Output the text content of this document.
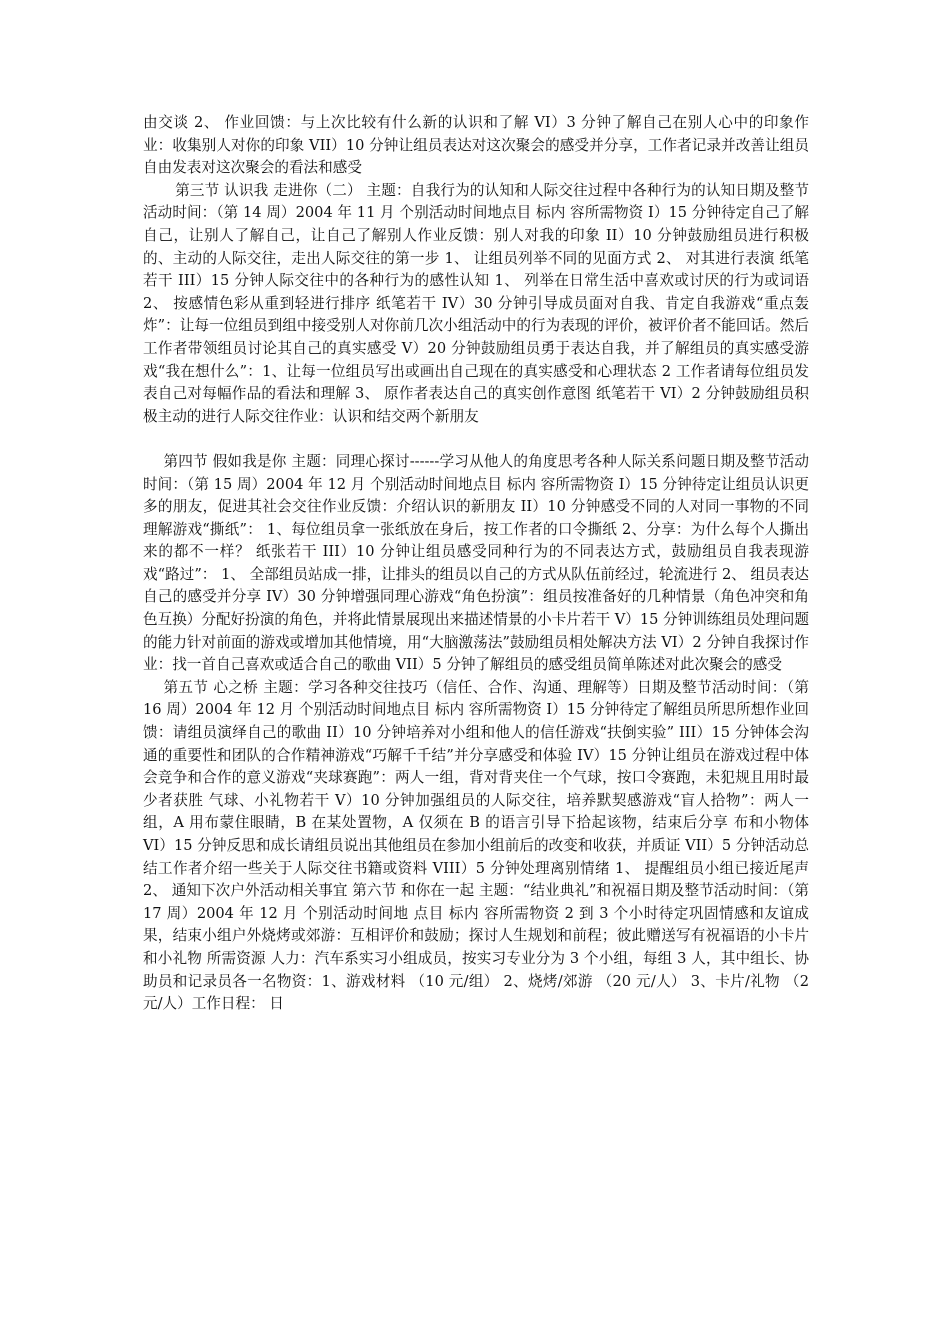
由交谈 2、 作业回馈：与上次比较有什么新的认识和了解 VI）3 分钟了解自己在别人心中的印象作业：收集别人对你的印象 VII）10 分钟让组员表达对这次聚会的感受并分享，工作者记录并改善让组员自由发表对这次聚会的看法和感受

第三节 认识我 走进你（二） 主题：自我行为的认知和人际交往过程中各种行为的认知日期及整节活动时间：（第 14 周）2004 年 11 月 个别活动时间地点目 标内 容所需物资 I）15 分钟待定自己了解自己，让别人了解自己，让自己了解别人作业反馈：别人对我的印象 II）10 分钟鼓励组员进行积极的、主动的人际交往，走出人际交往的第一步 1、 让组员列举不同的见面方式 2、 对其进行表演 纸笔若干 III）15 分钟人际交往中的各种行为的感性认知 1、 列举在日常生活中喜欢或讨厌的行为或词语 2、 按感情色彩从重到轻进行排序 纸笔若干 IV）30 分钟引导成员面对自我、肯定自我游戏“重点轰炸”：让每一位组员到组中接受别人对你前几次小组活动中的行为表现的评价，被评价者不能回话。然后工作者带领组员讨论其自己的真实感受 V）20 分钟鼓励组员勇于表达自我，并了解组员的真实感受游戏“我在想什么”：1、让每一位组员写出或画出自己现在的真实感受和心理状态 2 工作者请每位组员发表自己对每幅作品的看法和理解 3、 原作者表达自己的真实创作意图 纸笔若干 VI）2 分钟鼓励组员积极主动的进行人际交往作业：认识和结交两个新朋友

第四节 假如我是你 主题：同理心探讨------学习从他人的角度思考各种人际关系问题日期及整节活动时间：（第 15 周）2004 年 12 月 个别活动时间地点目 标内 容所需物资 I）15 分钟待定让组员认识更多的朋友，促进其社会交往作业反馈：介绍认识的新朋友 II）10 分钟感受不同的人对同一事物的不同理解游戏“撕纸”： 1、每位组员拿一张纸放在身后，按工作者的口令撕纸 2、分享：为什么每个人撕出来的都不一样？ 纸张若干 III）10 分钟让组员感受同种行为的不同表达方式，鼓励组员自我表现游戏“路过”： 1、 全部组员站成一排，让排头的组员以自己的方式从队伍前经过，轮流进行 2、 组员表达自己的感受并分享 IV）30 分钟增强同理心游戏“角色扮演”：组员按准备好的几种情景（角色冲突和角色互换）分配好扮演的角色，并将此情景展现出来描述情景的小卡片若干 V）15 分钟训练组员处理问题的能力针对前面的游戏或增加其他情境，用“大脑激荡法”鼓励组员相处解决方法 VI）2 分钟自我探讨作业：找一首自己喜欢或适合自己的歌曲 VII）5 分钟了解组员的感受组员简单陈述对此次聚会的感受

第五节 心之桥 主题：学习各种交往技巧（信任、合作、沟通、理解等）日期及整节活动时间：（第 16 周）2004 年 12 月 个别活动时间地点目 标内 容所需物资 I）15 分钟待定了解组员所思所想作业回馈：请组员演绎自己的歌曲 II）10 分钟培养对小组和他人的信任游戏“扶倒实验” III）15 分钟体会沟通的重要性和团队的合作精神游戏“巧解千千结”并分享感受和体验 IV）15 分钟让组员在游戏过程中体会竞争和合作的意义游戏“夹球赛跑”：两人一组，背对背夹住一个气球，按口令赛跑，未犯规且用时最少者获胜 气球、小礼物若干 V）10 分钟加强组员的人际交往，培养默契感游戏“盲人拾物”：两人一组，A 用布蒙住眼睛，B 在某处置物，A 仅须在 B 的语言引导下拾起该物，结束后分享 布和小物体 VI）15 分钟反思和成长请组员说出其他组员在参加小组前后的改变和收获，并质证 VII）5 分钟活动总结工作者介绍一些关于人际交往书籍或资料 VIII）5 分钟处理离别情绪 1、 提醒组员小组已接近尾声 2、 通知下次户外活动相关事宜 第六节 和你在一起 主题：“结业典礼”和祝福日期及整节活动时间：（第 17 周）2004 年 12 月 个别活动时间地 点目 标内 容所需物资 2 到 3 个小时待定巩固情感和友谊成果，结束小组户外烧烤或郊游：互相评价和鼓励；探讨人生规划和前程；彼此赠送写有祝福语的小卡片和小礼物 所需资源 人力：汽车系实习小组成员，按实习专业分为 3 个小组，每组 3 人，其中组长、协助员和记录员各一名物资：1、游戏材料 （10 元/组） 2、烧烤/郊游 （20 元/人） 3、卡片/礼物 （2 元/人）工作日程： 日
